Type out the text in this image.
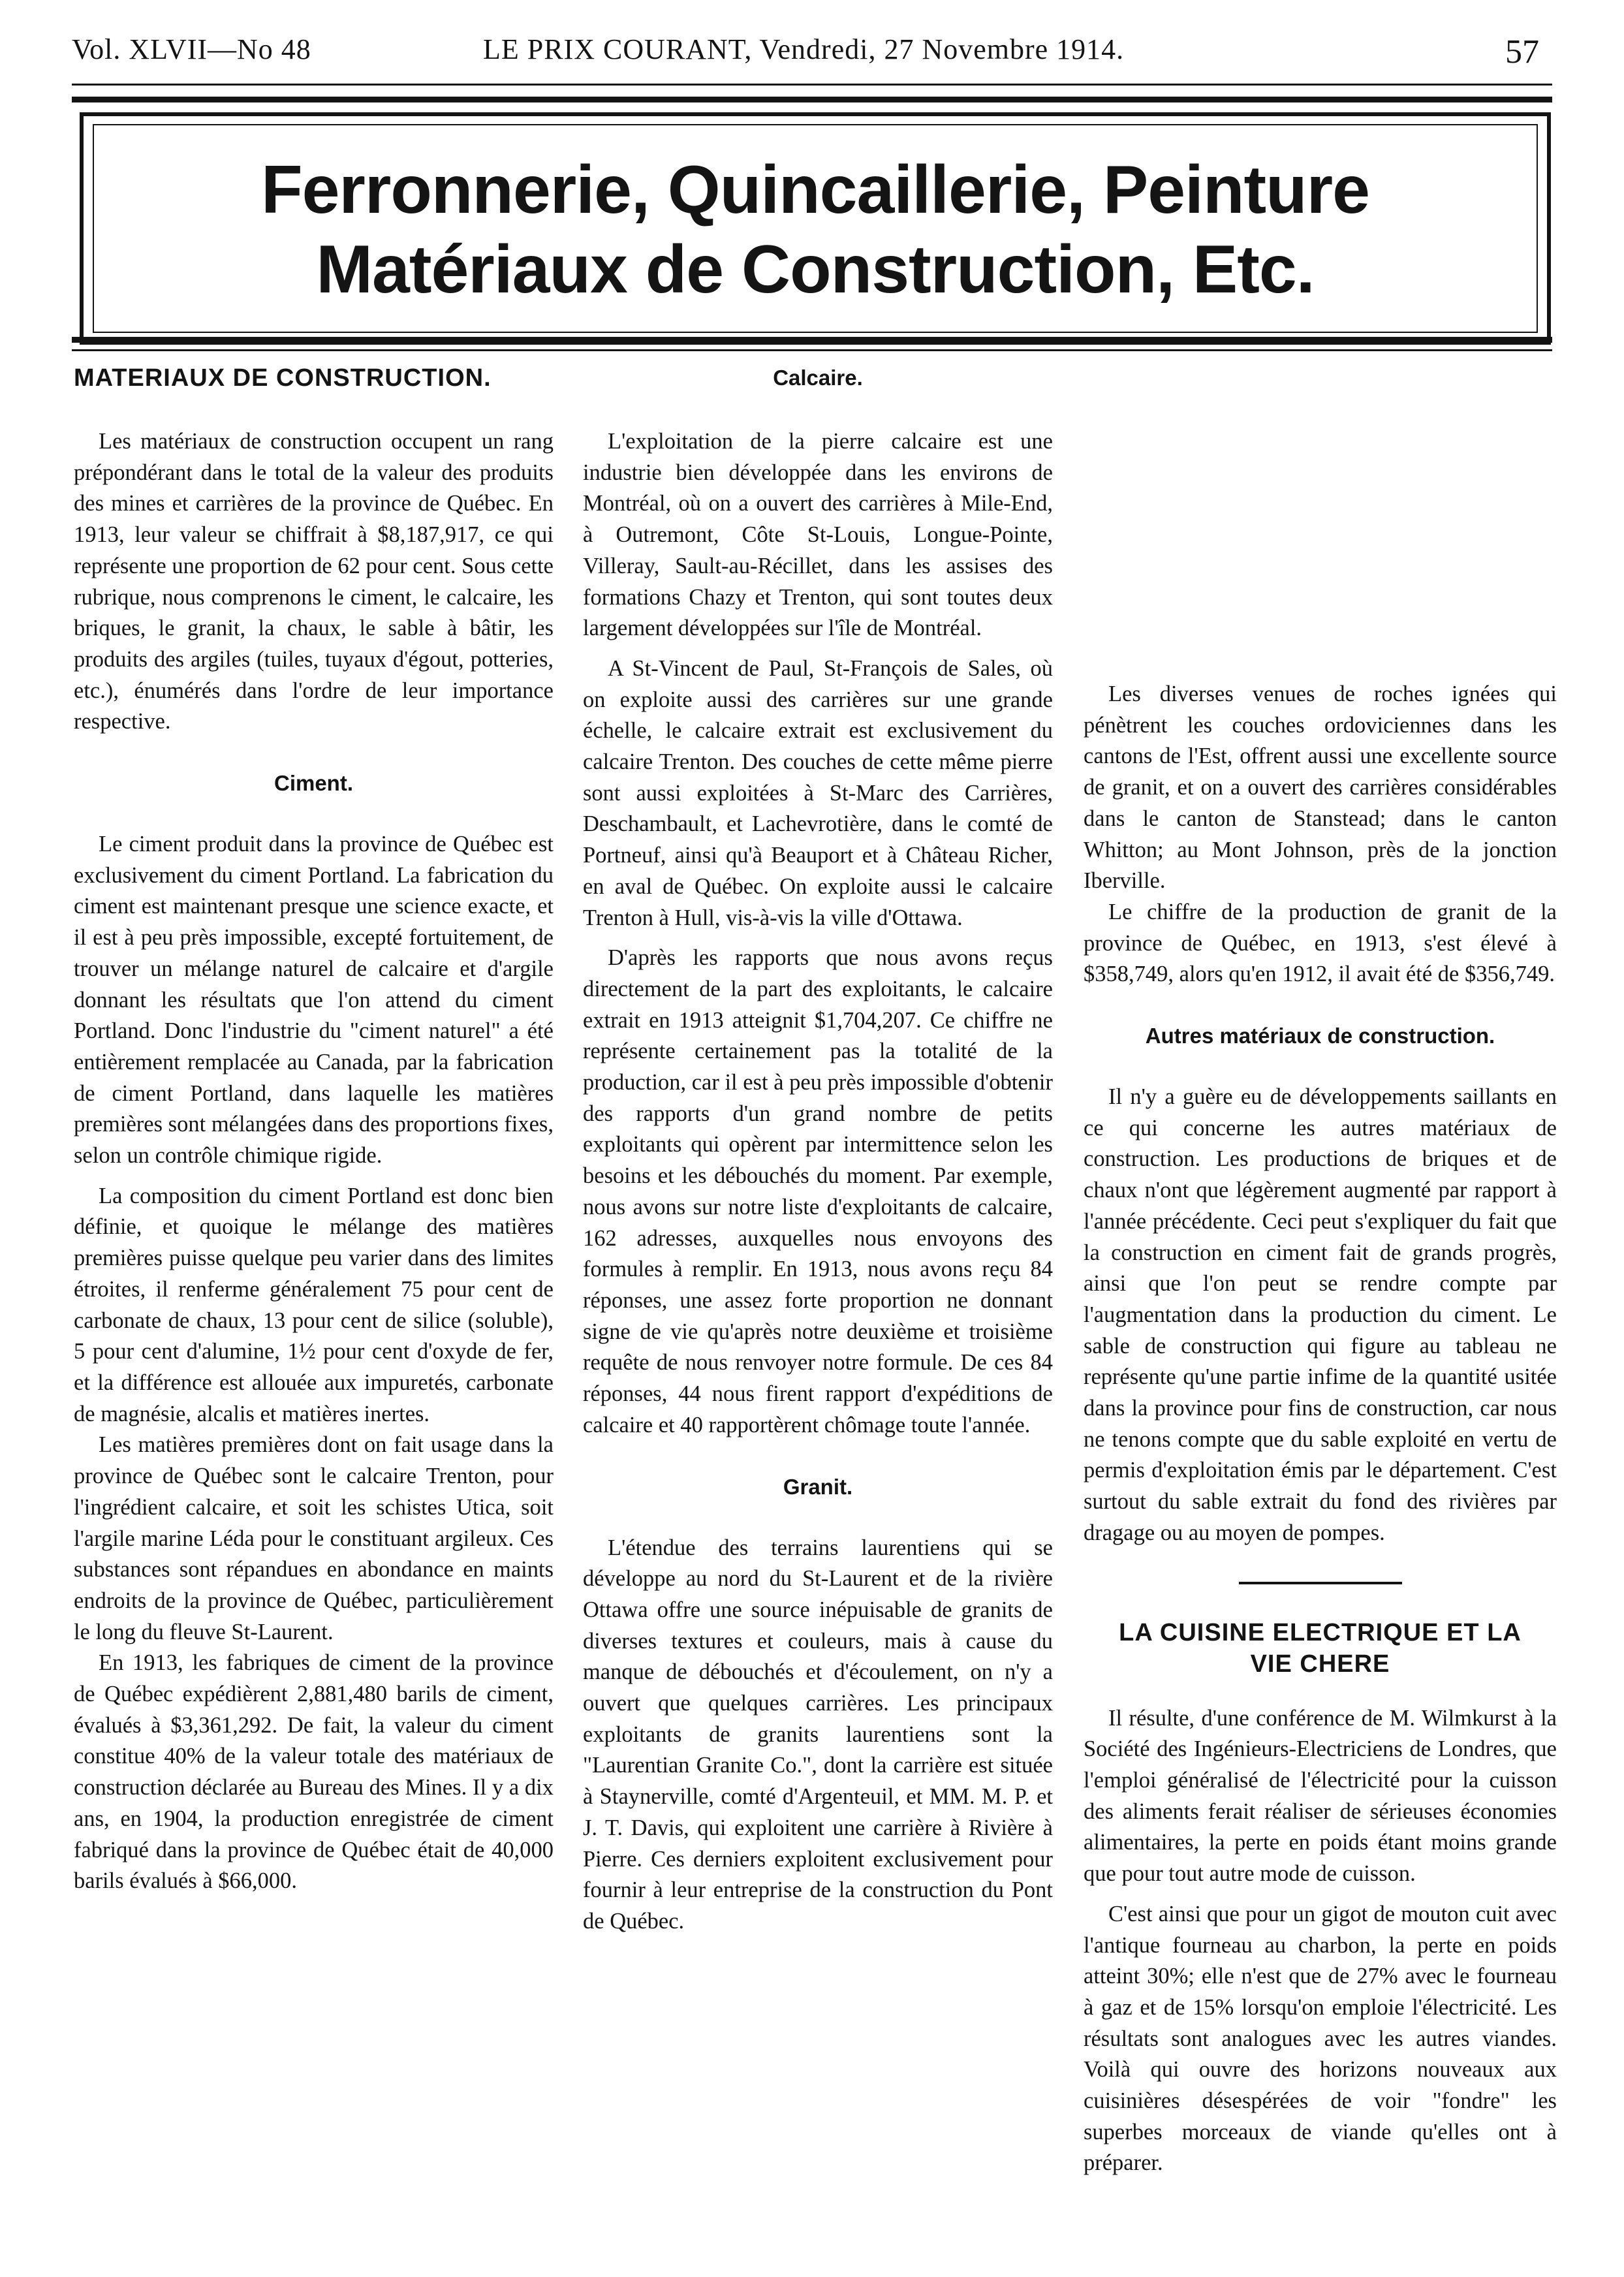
Vol. XLVII—No 48	LE PRIX COURANT, Vendredi, 27 Novembre 1914.	57
Ferronnerie, Quincaillerie, Peinture
Matériaux de Construction, Etc.
MATERIAUX DE CONSTRUCTION.

Les matériaux de construction occupent un rang prépondérant dans le total de la valeur des produits des mines et carrières de la province de Québec. En 1913, leur valeur se chiffrait à $8,187,917, ce qui représente une proportion de 62 pour cent. Sous cette rubrique, nous comprenons le ciment, le calcaire, les briques, le granit, la chaux, le sable à bâtir, les produits des argiles (tuiles, tuyaux d'égout, potteries, etc.), énumérés dans l'ordre de leur importance respective.

Ciment.

Le ciment produit dans la province de Québec est exclusivement du ciment Portland. La fabrication du ciment est maintenant presque une science exacte, et il est à peu près impossible, excepté fortuitement, de trouver un mélange naturel de calcaire et d'argile donnant les résultats que l'on attend du ciment Portland. Donc l'industrie du "ciment naturel" a été entièrement remplacée au Canada, par la fabrication de ciment Portland, dans laquelle les matières premières sont mélangées dans des proportions fixes, selon un contrôle chimique rigide.

La composition du ciment Portland est donc bien définie, et quoique le mélange des matières premières puisse quelque peu varier dans des limites étroites, il renferme généralement 75 pour cent de carbonate de chaux, 13 pour cent de silice (soluble), 5 pour cent d'alumine, 1½ pour cent d'oxyde de fer, et la différence est allouée aux impuretés, carbonate de magnésie, alcalis et matières inertes.

Les matières premières dont on fait usage dans la province de Québec sont le calcaire Trenton, pour l'ingrédient calcaire, et soit les schistes Utica, soit l'argile marine Léda pour le constituant argileux. Ces substances sont répandues en abondance en maints endroits de la province de Québec, particulièrement le long du fleuve St-Laurent.

En 1913, les fabriques de ciment de la province de Québec expédièrent 2,881,480 barils de ciment, évalués à $3,361,292. De fait, la valeur du ciment constitue 40% de la valeur totale des matériaux de construction déclarée au Bureau des Mines. Il y a dix ans, en 1904, la production enregistrée de ciment fabriqué dans la province de Québec était de 40,000 barils évalués à $66,000.

Calcaire.

L'exploitation de la pierre calcaire est une industrie bien développée dans les environs de Montréal, où on a ouvert des carrières à Mile-End, à Outremont, Côte St-Louis, Longue-Pointe, Villeray, Sault-au-Récillet, dans les assises des formations Chazy et Trenton, qui sont toutes deux largement développées sur l'île de Montréal.

A St-Vincent de Paul, St-François de Sales, où on exploite aussi des carrières sur une grande échelle, le calcaire extrait est exclusivement du calcaire Trenton. Des couches de cette même pierre sont aussi exploitées à St-Marc des Carrières, Deschambault, et Lachevrotière, dans le comté de Portneuf, ainsi qu'à Beauport et à Château Richer, en aval de Québec. On exploite aussi le calcaire Trenton à Hull, vis-à-vis la ville d'Ottawa.

D'après les rapports que nous avons reçus directement de la part des exploitants, le calcaire extrait en 1913 atteignit $1,704,207. Ce chiffre ne représente certainement pas la totalité de la production, car il est à peu près impossible d'obtenir des rapports d'un grand nombre de petits exploitants qui opèrent par intermittence selon les besoins et les débouchés du moment. Par exemple, nous avons sur notre liste d'exploitants de calcaire, 162 adresses, auxquelles nous envoyons des formules à remplir. En 1913, nous avons reçu 84 réponses, une assez forte proportion ne donnant signe de vie qu'après notre deuxième et troisième requête de nous renvoyer notre formule. De ces 84 réponses, 44 nous firent rapport d'expéditions de calcaire et 40 rapportèrent chômage toute l'année.

Granit.

L'étendue des terrains laurentiens qui se développe au nord du St-Laurent et de la rivière Ottawa offre une source inépuisable de granits de diverses textures et couleurs, mais à cause du manque de débouchés et d'écoulement, on n'y a ouvert que quelques carrières. Les principaux exploitants de granits laurentiens sont la "Laurentian Granite Co.", dont la carrière est située à Staynerville, comté d'Argenteuil, et MM. M. P. et J. T. Davis, qui exploitent une carrière à Rivière à Pierre. Ces derniers exploitent exclusivement pour fournir à leur entreprise de la construction du Pont de Québec.

Les diverses venues de roches ignées qui pénètrent les couches ordoviciennes dans les cantons de l'Est, offrent aussi une excellente source de granit, et on a ouvert des carrières considérables dans le canton de Stanstead; dans le canton Whitton; au Mont Johnson, près de la jonction Iberville.

Le chiffre de la production de granit de la province de Québec, en 1913, s'est élevé à $358,749, alors qu'en 1912, il avait été de $356,749.

Autres matériaux de construction.

Il n'y a guère eu de développements saillants en ce qui concerne les autres matériaux de construction. Les productions de briques et de chaux n'ont que légèrement augmenté par rapport à l'année précédente. Ceci peut s'expliquer du fait que la construction en ciment fait de grands progrès, ainsi que l'on peut se rendre compte par l'augmentation dans la production du ciment. Le sable de construction qui figure au tableau ne représente qu'une partie infime de la quantité usitée dans la province pour fins de construction, car nous ne tenons compte que du sable exploité en vertu de permis d'exploitation émis par le département. C'est surtout du sable extrait du fond des rivières par dragage ou au moyen de pompes.

LA CUISINE ELECTRIQUE ET LA
VIE CHERE

Il résulte, d'une conférence de M. Wilmkurst à la Société des Ingénieurs-Electriciens de Londres, que l'emploi généralisé de l'électricité pour la cuisson des aliments ferait réaliser de sérieuses économies alimentaires, la perte en poids étant moins grande que pour tout autre mode de cuisson.

C'est ainsi que pour un gigot de mouton cuit avec l'antique fourneau au charbon, la perte en poids atteint 30%; elle n'est que de 27% avec le fourneau à gaz et de 15% lorsqu'on emploie l'électricité. Les résultats sont analogues avec les autres viandes. Voilà qui ouvre des horizons nouveaux aux cuisinières désespérées de voir "fondre" les superbes morceaux de viande qu'elles ont à préparer.
